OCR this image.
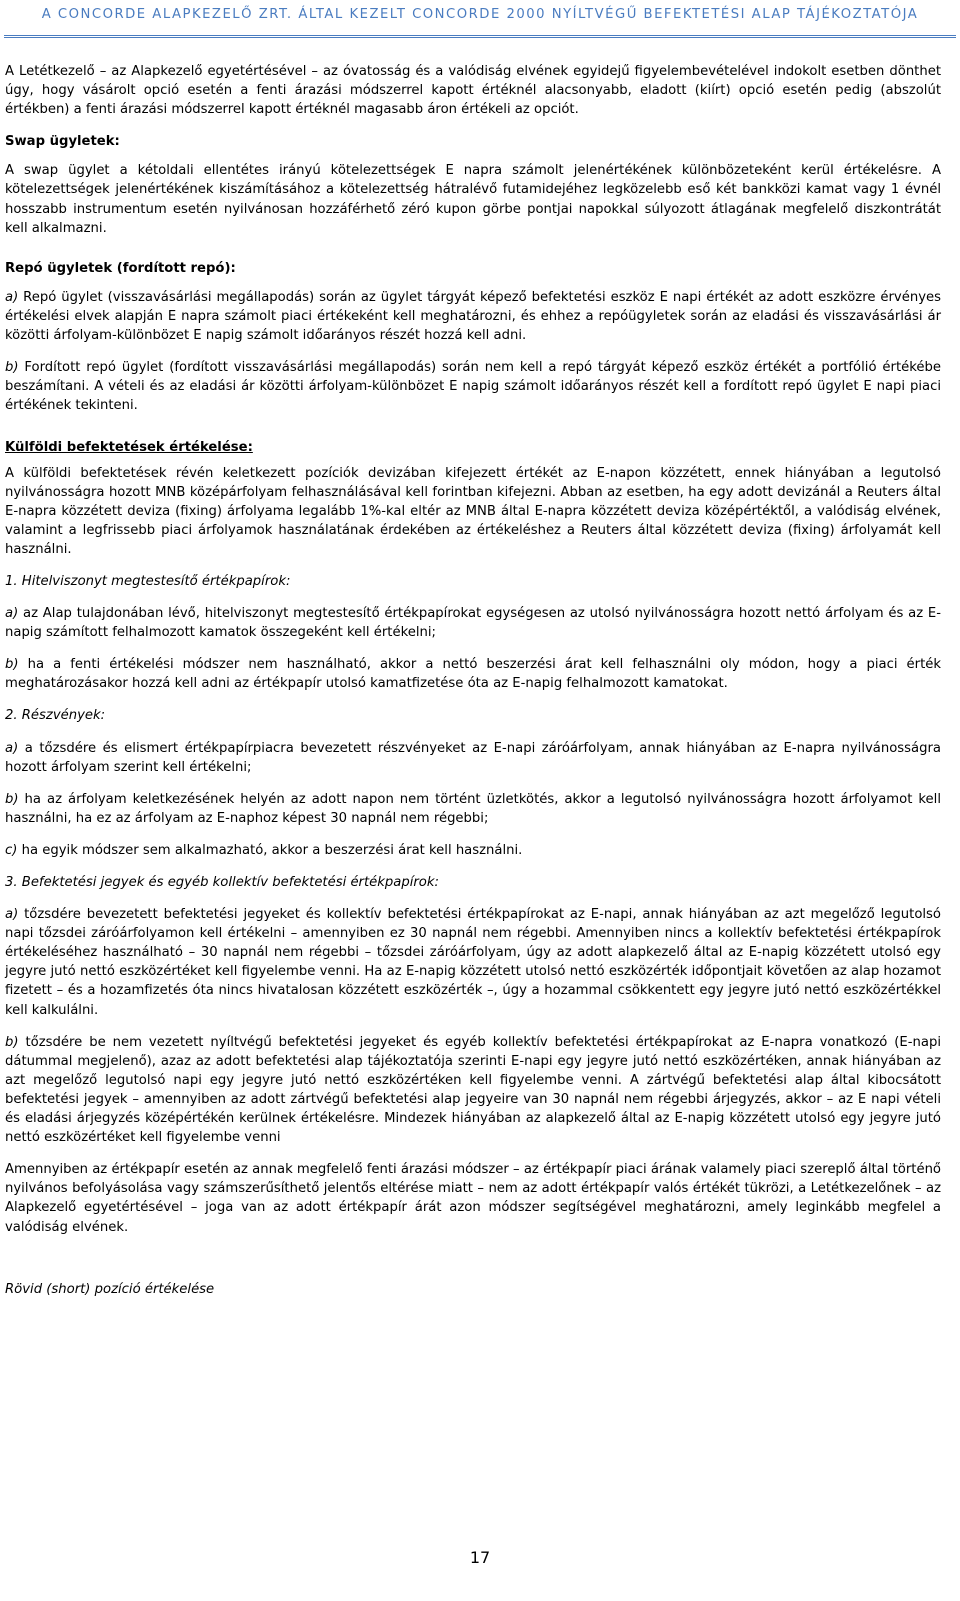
A CONCORDE ALAPKEZELŐ ZRT. ÁLTAL KEZELT CONCORDE 2000 NYÍLTVÉGŰ BEFEKTETÉSI ALAP TÁJÉKOZTATÓJA

A Letétkezelő – az Alapkezelő egyetértésével – az óvatosság és a valódiság elvének egyidejű figyelembevételével indokolt esetben dönthet úgy, hogy vásárolt opció esetén a fenti árazási módszerrel kapott értéknél alacsonyabb, eladott (kiírt) opció esetén pedig (abszolút értékben) a fenti árazási módszerrel kapott értéknél magasabb áron értékeli az opciót.

Swap ügyletek:

A swap ügylet a kétoldali ellentétes irányú kötelezettségek E napra számolt jelenértékének különbözeteként kerül értékelésre. A kötelezettségek jelenértékének kiszámításához a kötelezettség hátralévő futamidejéhez legközelebb eső két bankközi kamat vagy 1 évnél hosszabb instrumentum esetén nyilvánosan hozzáférhető zéró kupon görbe pontjai napokkal súlyozott átlagának megfelelő diszkontrátát kell alkalmazni.

Repó ügyletek (fordított repó):

a) Repó ügylet (visszavásárlási megállapodás) során az ügylet tárgyát képező befektetési eszköz E napi értékét az adott eszközre érvényes értékelési elvek alapján E napra számolt piaci értékeként kell meghatározni, és ehhez a repóügyletek során az eladási és visszavásárlási ár közötti árfolyam-különbözet E napig számolt időarányos részét hozzá kell adni.

b) Fordított repó ügylet (fordított visszavásárlási megállapodás) során nem kell a repó tárgyát képező eszköz értékét a portfólió értékébe beszámítani. A vételi és az eladási ár közötti árfolyam-különbözet E napig számolt időarányos részét kell a fordított repó ügylet E napi piaci értékének tekinteni.

Külföldi befektetések értékelése:

A külföldi befektetések révén keletkezett pozíciók devizában kifejezett értékét az E-napon közzétett, ennek hiányában a legutolsó nyilvánosságra hozott MNB középárfolyam felhasználásával kell forintban kifejezni. Abban az esetben, ha egy adott devizánál a Reuters által E-napra közzétett deviza (fixing) árfolyama legalább 1%-kal eltér az MNB által E-napra közzétett deviza középértéktől, a valódiság elvének, valamint a legfrissebb piaci árfolyamok használatának érdekében az értékeléshez a Reuters által közzétett deviza (fixing) árfolyamát kell használni.

1. Hitelviszonyt megtestesítő értékpapírok:

a) az Alap tulajdonában lévő, hitelviszonyt megtestesítő értékpapírokat egységesen az utolsó nyilvánosságra hozott nettó árfolyam és az E-napig számított felhalmozott kamatok összegeként kell értékelni;

b) ha a fenti értékelési módszer nem használható, akkor a nettó beszerzési árat kell felhasználni oly módon, hogy a piaci érték meghatározásakor hozzá kell adni az értékpapír utolsó kamatfizetése óta az E-napig felhalmozott kamatokat.

2. Részvények:

a) a tőzsdére és elismert értékpapírpiacra bevezetett részvényeket az E-napi záróárfolyam, annak hiányában az E-napra nyilvánosságra hozott árfolyam szerint kell értékelni;

b) ha az árfolyam keletkezésének helyén az adott napon nem történt üzletkötés, akkor a legutolsó nyilvánosságra hozott árfolyamot kell használni, ha ez az árfolyam az E-naphoz képest 30 napnál nem régebbi;

c) ha egyik módszer sem alkalmazható, akkor a beszerzési árat kell használni.

3. Befektetési jegyek és egyéb kollektív befektetési értékpapírok:

a) tőzsdére bevezetett befektetési jegyeket és kollektív befektetési értékpapírokat az E-napi, annak hiányában az azt megelőző legutolsó napi tőzsdei záróárfolyamon kell értékelni – amennyiben ez 30 napnál nem régebbi. Amennyiben nincs a kollektív befektetési értékpapírok értékeléséhez használható – 30 napnál nem régebbi – tőzsdei záróárfolyam, úgy az adott alapkezelő által az E-napig közzétett utolsó egy jegyre jutó nettó eszközértéket kell figyelembe venni. Ha az E-napig közzétett utolsó nettó eszközérték időpontjait követően az alap hozamot fizetett – és a hozamfizetés óta nincs hivatalosan közzétett eszközérték –, úgy a hozammal csökkentett egy jegyre jutó nettó eszközértékkel kell kalkulálni.

b) tőzsdére be nem vezetett nyíltvégű befektetési jegyeket és egyéb kollektív befektetési értékpapírokat az E-napra vonatkozó (E-napi dátummal megjelenő), azaz az adott befektetési alap tájékoztatója szerinti E-napi egy jegyre jutó nettó eszközértéken, annak hiányában az azt megelőző legutolsó napi egy jegyre jutó nettó eszközértéken kell figyelembe venni. A zártvégű befektetési alap által kibocsátott befektetési jegyek – amennyiben az adott zártvégű befektetési alap jegyeire van 30 napnál nem régebbi árjegyzés, akkor – az E napi vételi és eladási árjegyzés középértékén kerülnek értékelésre. Mindezek hiányában az alapkezelő által az E-napig közzétett utolsó egy jegyre jutó nettó eszközértéket kell figyelembe venni

Amennyiben az értékpapír esetén az annak megfelelő fenti árazási módszer – az értékpapír piaci árának valamely piaci szereplő által történő nyilvános befolyásolása vagy számszerűsíthető jelentős eltérése miatt – nem az adott értékpapír valós értékét tükrözi, a Letétkezelőnek – az Alapkezelő egyetértésével – joga van az adott értékpapír árát azon módszer segítségével meghatározni, amely leginkább megfelel a valódiság elvének.

Rövid (short) pozíció értékelése

17
